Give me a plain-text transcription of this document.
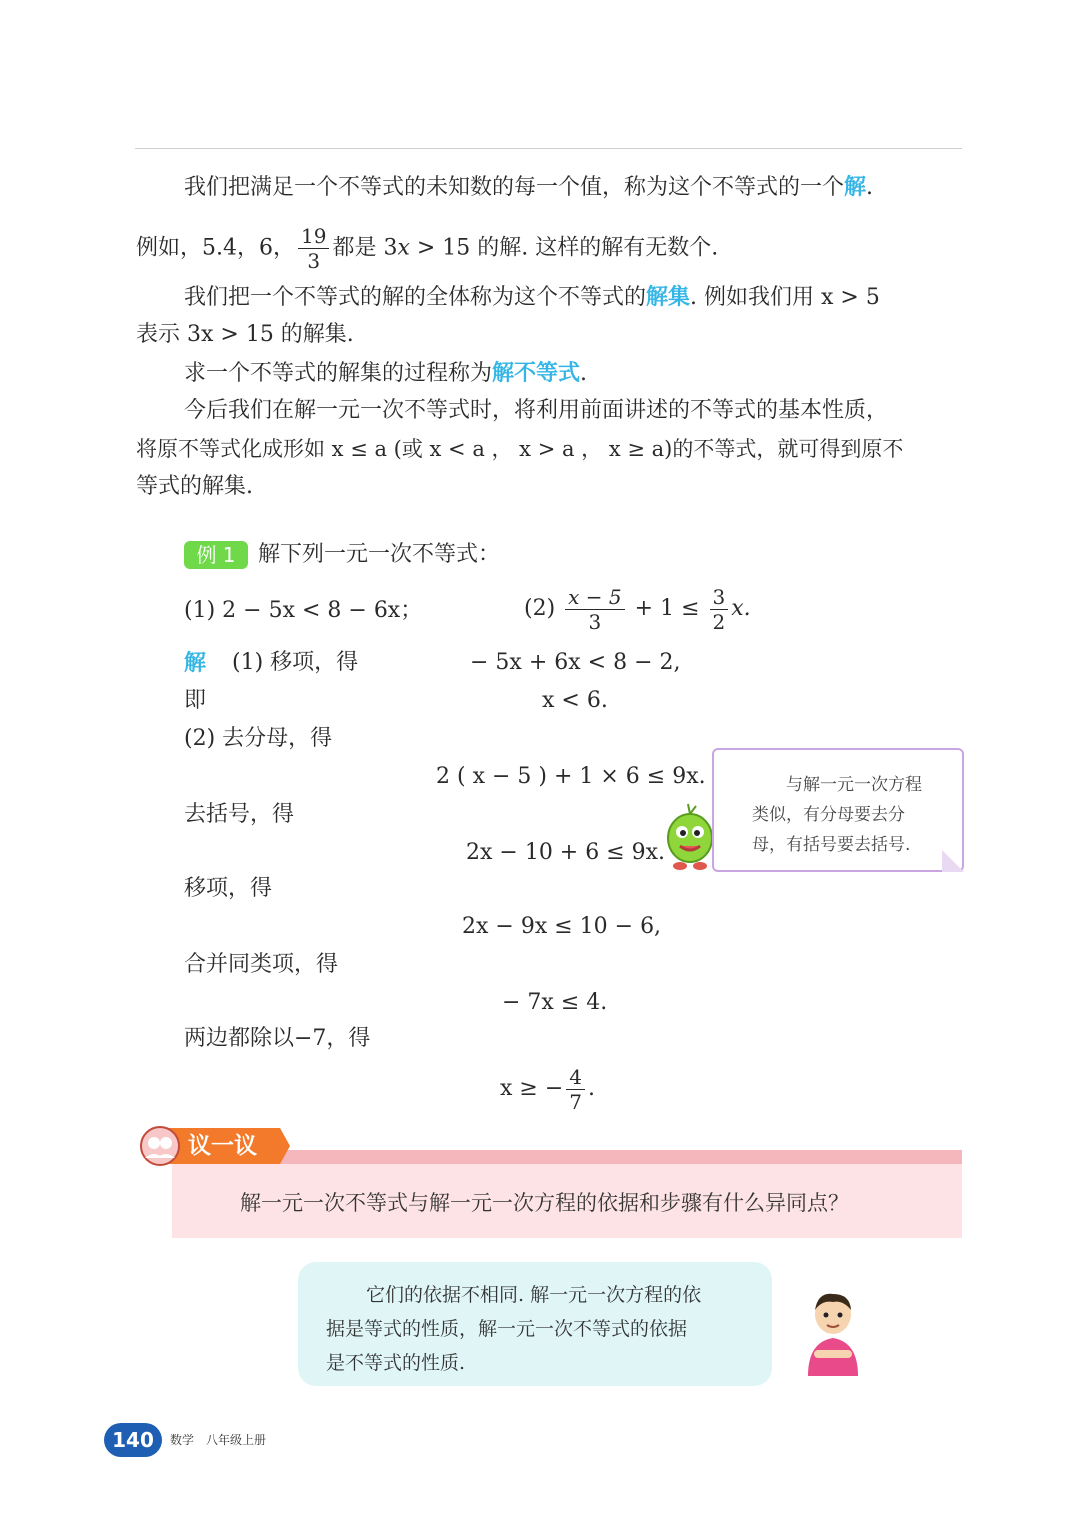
我们把满足一个不等式的未知数的每一个值，称为这个不等式的一个解.
例如，5.4，6， $\frac{19}{3}$ 都是 3x > 15 的解. 这样的解有无数个.
我们把一个不等式的解的全体称为这个不等式的解集. 例如我们用 x > 5
表示 3x > 15 的解集.
求一个不等式的解集的过程称为解不等式.
今后我们在解一元一次不等式时，将利用前面讲述的不等式的基本性质，
将原不等式化成形如 x ≤ a (或 x < a ， x > a ， x ≥ a)的不等式，就可得到原不
等式的解集.
例 1	解下列一元一次不等式：
(1) 2 − 5x < 8 − 6x；	$(2) \frac{x - 5}{3} + 1 \le \frac{3}{2} x$.
解 (1) 移项，得	− 5x + 6x < 8 − 2,
即	x < 6.
(2) 去分母，得
2 ( x − 5 ) + 1 × 6 ≤ 9x.
去括号，得
2x − 10 + 6 ≤ 9x.
移项，得
2x − 9x ≤ 10 − 6,
合并同类项，得
− 7x ≤ 4.
两边都除以−7，得
x ≥ − $\frac{4}{7}$ .
与解一元一次方程
类似，有分母要去分
母，有括号要去括号.
议一议
解一元一次不等式与解一元一次方程的依据和步骤有什么异同点？
它们的依据不相同. 解一元一次方程的依
据是等式的性质，解一元一次不等式的依据
是不等式的性质.
140	数学　八年级上册
